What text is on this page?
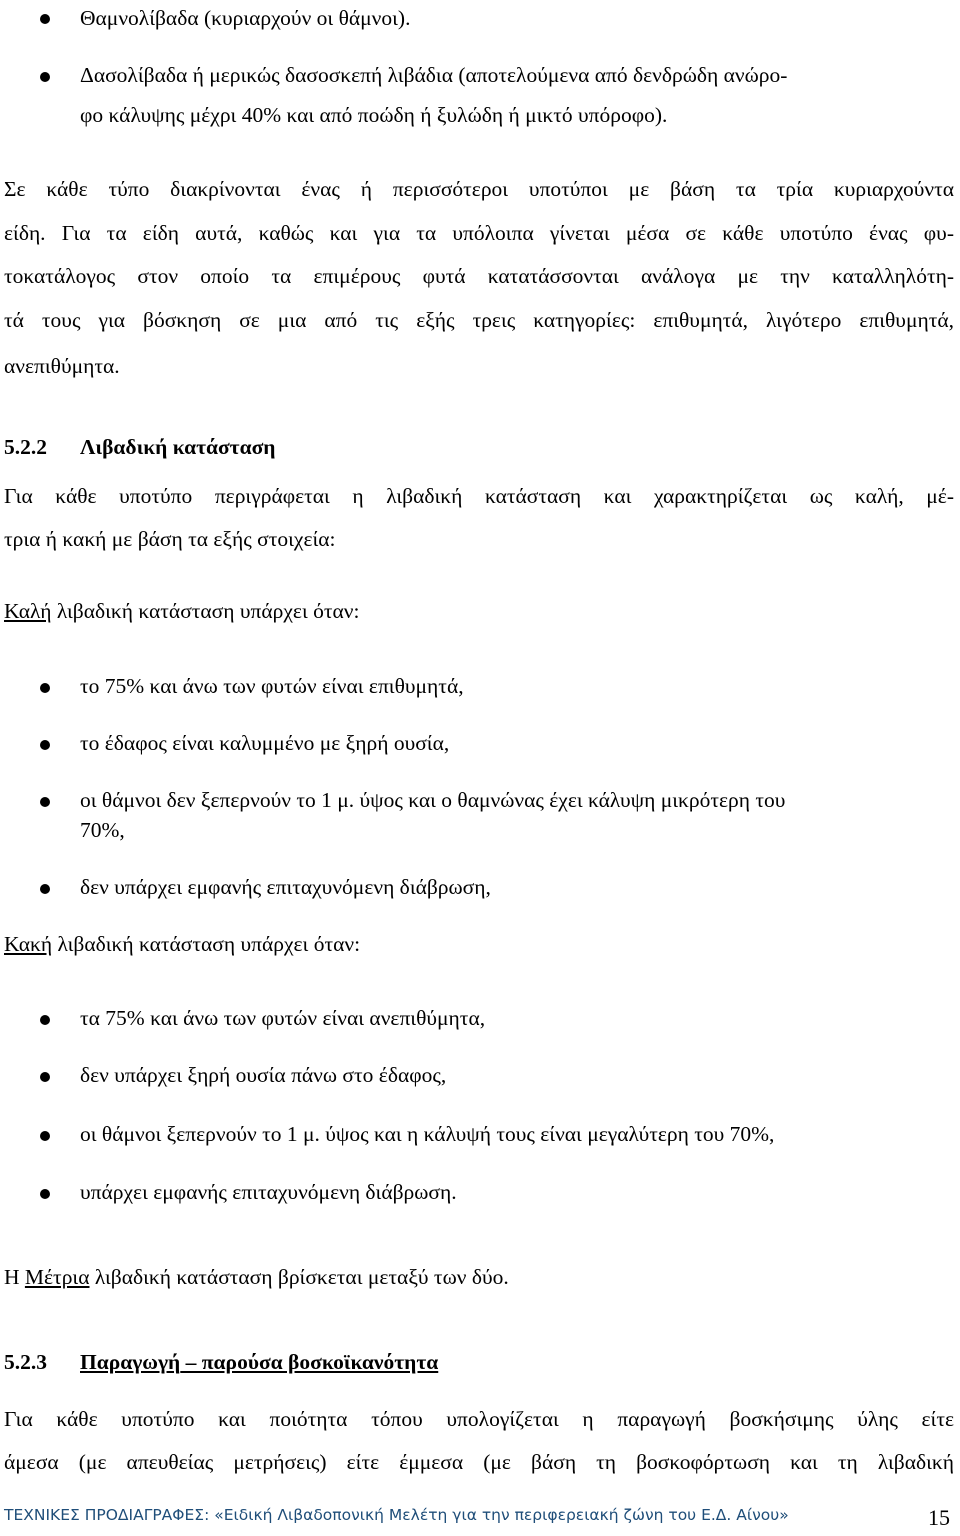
Θαμνολίβαδα (κυριαρχούν οι θάμνοι).
Δασολίβαδα ή μερικώς δασοσκεπή λιβάδια (αποτελούμενα από δενδρώδη ανώρο-
φο κάλυψης μέχρι 40% και από ποώδη ή ξυλώδη ή μικτό υπόροφο).
Σε κάθε τύπο διακρίνονται ένας ή περισσότεροι υποτύποι με βάση τα τρία κυριαρχούντα
είδη. Για τα είδη αυτά, καθώς και για τα υπόλοιπα γίνεται μέσα σε κάθε υποτύπο ένας φυ-
τοκατάλογος στον οποίο τα επιμέρους φυτά κατατάσσονται ανάλογα με την καταλληλότη-
τά τους για βόσκηση σε μια από τις εξής τρεις κατηγορίες: επιθυμητά, λιγότερο επιθυμητά,
ανεπιθύμητα.
5.2.2 Λιβαδική κατάσταση
Για κάθε υποτύπο περιγράφεται η λιβαδική κατάσταση και χαρακτηρίζεται ως καλή, μέ-
τρια ή κακή με βάση τα εξής στοιχεία:
Καλή λιβαδική κατάσταση υπάρχει όταν:
το 75% και άνω των φυτών είναι επιθυμητά,
το έδαφος είναι καλυμμένο με ξηρή ουσία,
οι θάμνοι δεν ξεπερνούν το 1 μ. ύψος και ο θαμνώνας έχει κάλυψη μικρότερη του
70%,
δεν υπάρχει εμφανής επιταχυνόμενη διάβρωση,
Κακή λιβαδική κατάσταση υπάρχει όταν:
τα 75% και άνω των φυτών είναι ανεπιθύμητα,
δεν υπάρχει ξηρή ουσία πάνω στο έδαφος,
οι θάμνοι ξεπερνούν το 1 μ. ύψος και η κάλυψή τους είναι μεγαλύτερη του 70%,
υπάρχει εμφανής επιταχυνόμενη διάβρωση.
Η Μέτρια λιβαδική κατάσταση βρίσκεται μεταξύ των δύο.
5.2.3 Παραγωγή – παρούσα βοσκοϊκανότητα
Για κάθε υποτύπο και ποιότητα τόπου υπολογίζεται η παραγωγή βοσκήσιμης ύλης είτε
άμεσα (με απευθείας μετρήσεις) είτε έμμεσα (με βάση τη βοσκοφόρτωση και τη λιβαδική
ΤΕΧΝΙΚΕΣ ΠΡΟΔΙΑΓΡΑΦΕΣ: «Ειδική Λιβαδοπονική Μελέτη για την περιφερειακή ζώνη του Ε.Δ. Αίνου»	15
